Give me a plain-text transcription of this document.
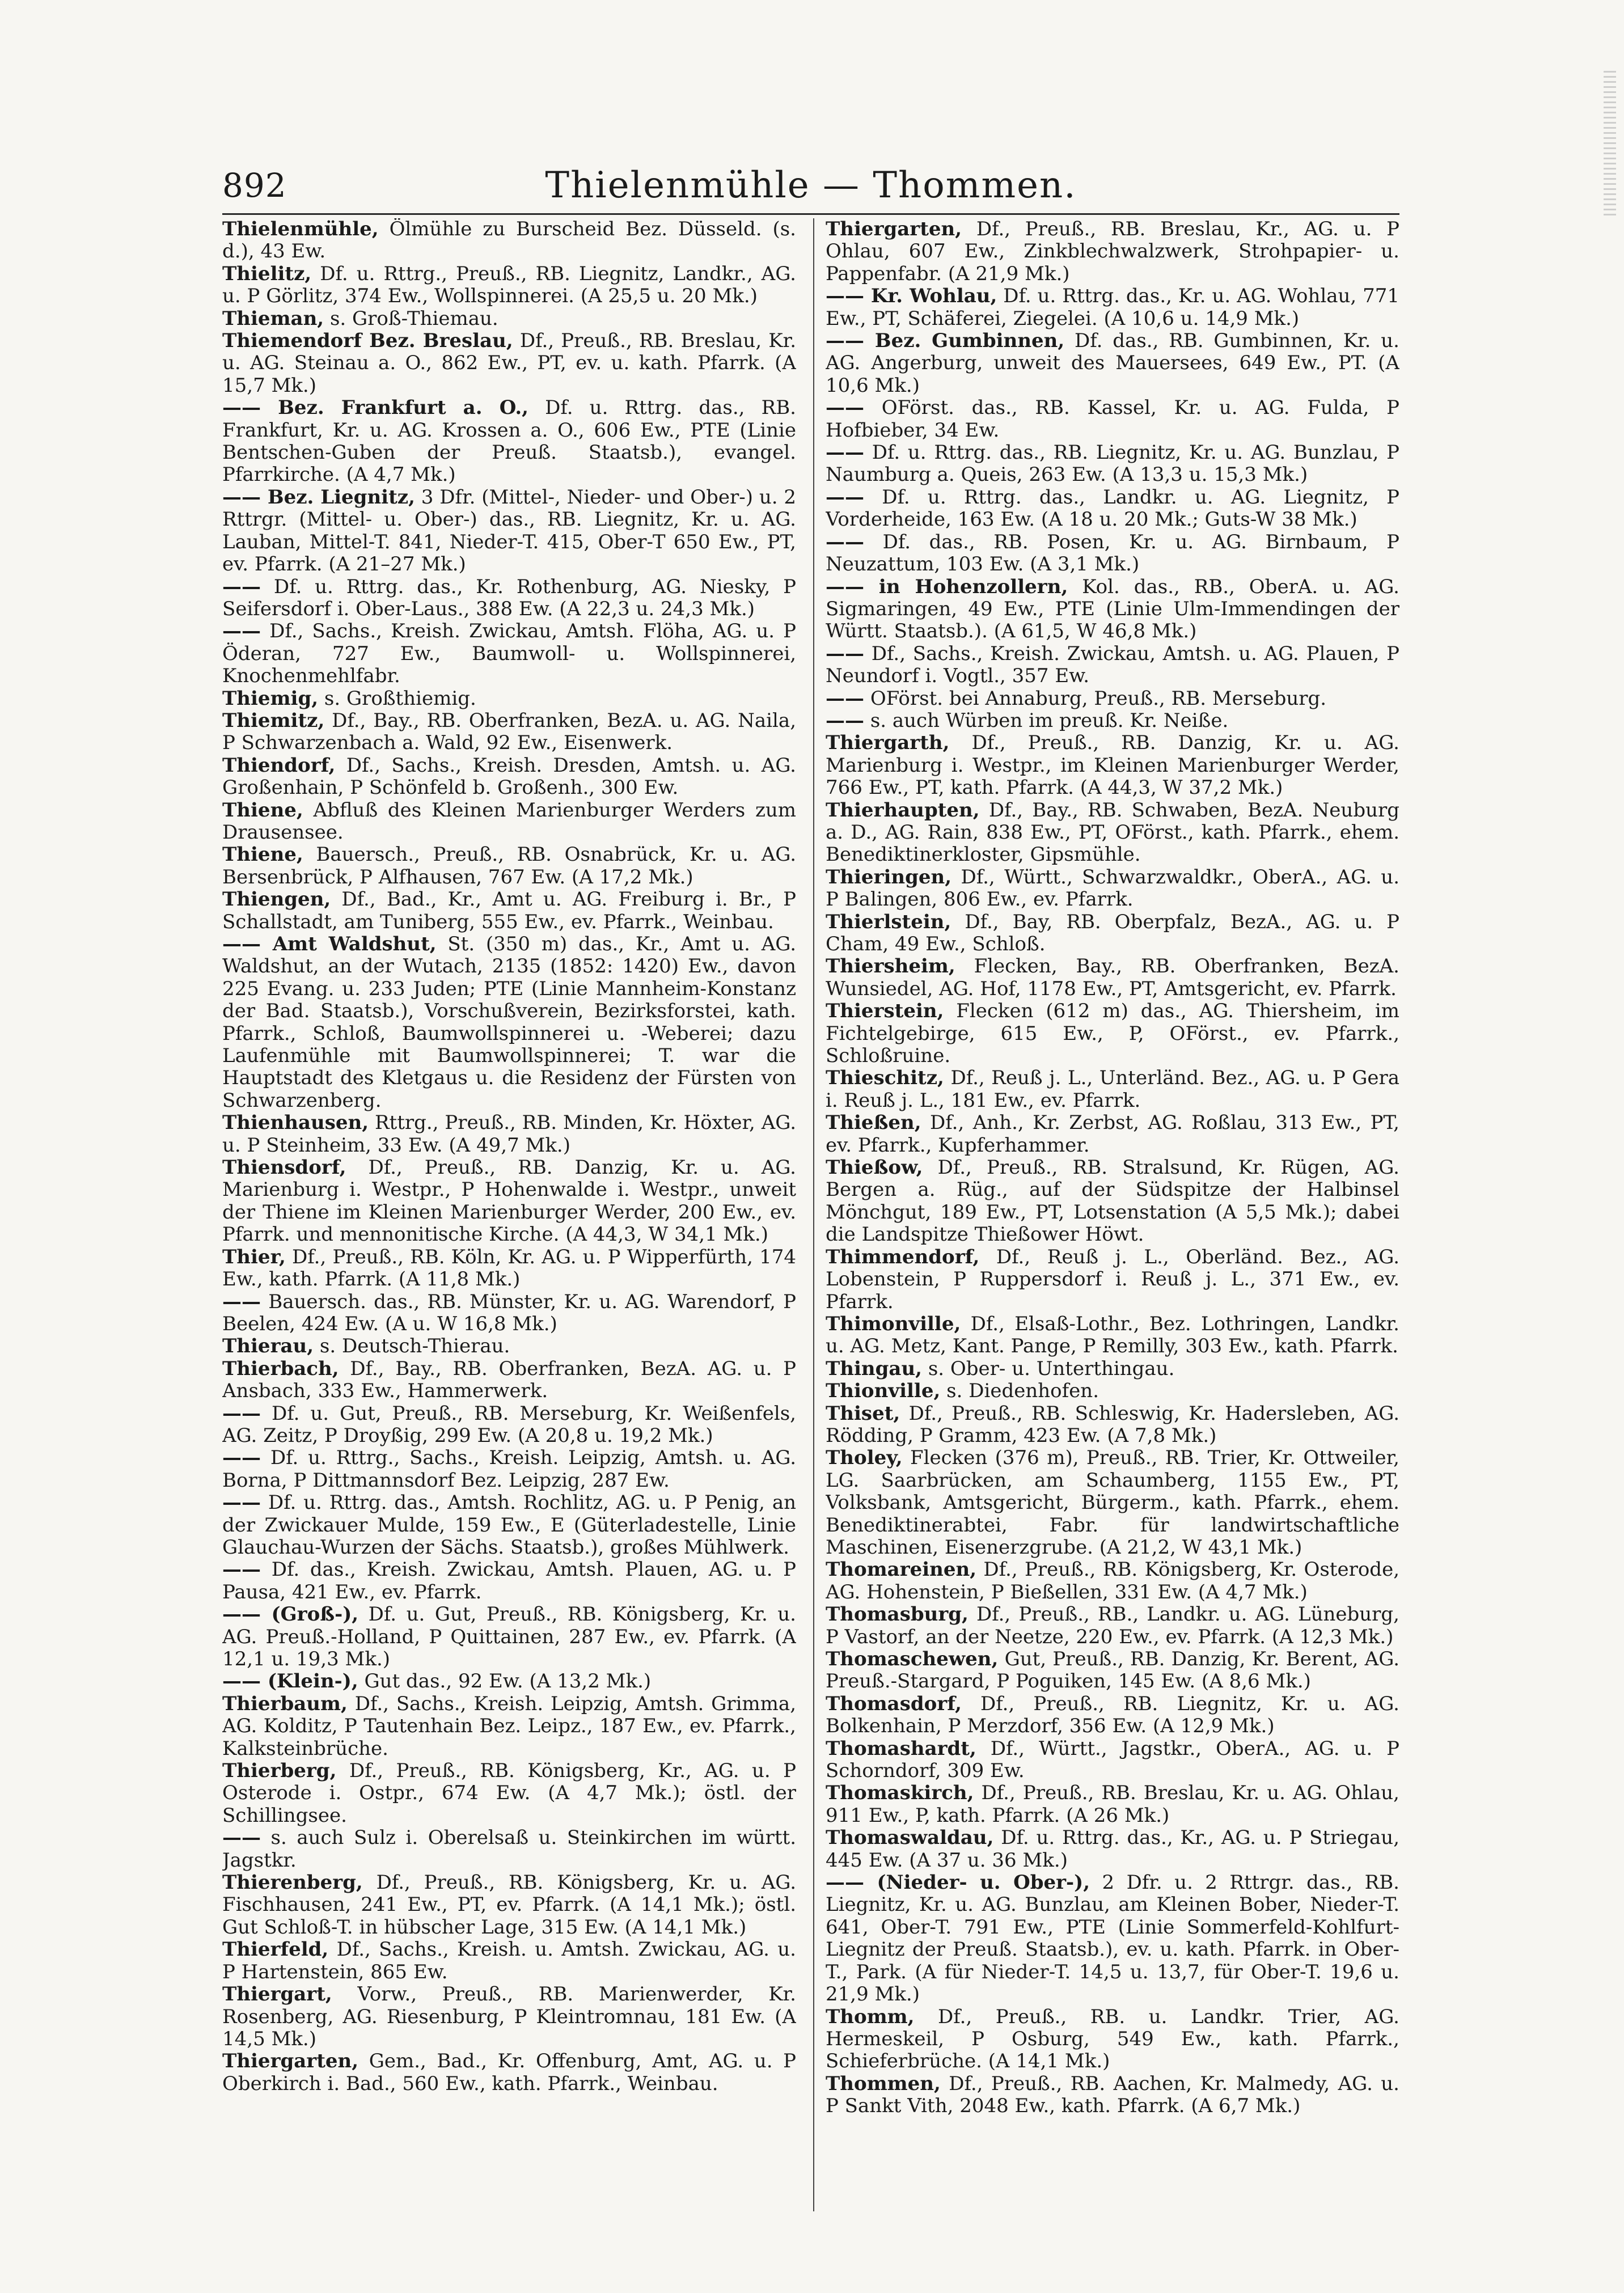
892	Thielenmühle — Thommen.

Thielenmühle, Ölmühle zu Burscheid Bez. Düsseld. (s. d.), 43 Ew.

Thielitz, Df. u. Rttrg., Preuß., RB. Liegnitz, Landkr., AG. u. P Görlitz, 374 Ew., Wollspinnerei. (A 25,5 u. 20 Mk.)

Thieman, s. Groß-Thiemau.

Thiemendorf Bez. Breslau, Df., Preuß., RB. Breslau, Kr. u. AG. Steinau a. O., 862 Ew., PT, ev. u. kath. Pfarrk. (A 15,7 Mk.)

—— Bez. Frankfurt a. O., Df. u. Rttrg. das., RB. Frankfurt, Kr. u. AG. Krossen a. O., 606 Ew., PTE (Linie Bentschen-Guben der Preuß. Staatsb.), evangel. Pfarrkirche. (A 4,7 Mk.)

—— Bez. Liegnitz, 3 Dfr. (Mittel-, Nieder- und Ober-) u. 2 Rttrgr. (Mittel- u. Ober-) das., RB. Liegnitz, Kr. u. AG. Lauban, Mittel-T. 841, Nieder-T. 415, Ober-T 650 Ew., PT, ev. Pfarrk. (A 21–27 Mk.)

—— Df. u. Rttrg. das., Kr. Rothenburg, AG. Niesky, P Seifersdorf i. Ober-Laus., 388 Ew. (A 22,3 u. 24,3 Mk.)

—— Df., Sachs., Kreish. Zwickau, Amtsh. Flöha, AG. u. P Öderan, 727 Ew., Baumwoll- u. Wollspinnerei, Knochenmehlfabr.

Thiemig, s. Großthiemig.

Thiemitz, Df., Bay., RB. Oberfranken, BezA. u. AG. Naila, P Schwarzenbach a. Wald, 92 Ew., Eisenwerk.

Thiendorf, Df., Sachs., Kreish. Dresden, Amtsh. u. AG. Großenhain, P Schönfeld b. Großenh., 300 Ew.

Thiene, Abfluß des Kleinen Marienburger Werders zum Drausensee.

Thiene, Bauersch., Preuß., RB. Osnabrück, Kr. u. AG. Bersenbrück, P Alfhausen, 767 Ew. (A 17,2 Mk.)

Thiengen, Df., Bad., Kr., Amt u. AG. Freiburg i. Br., P Schallstadt, am Tuniberg, 555 Ew., ev. Pfarrk., Weinbau.

—— Amt Waldshut, St. (350 m) das., Kr., Amt u. AG. Waldshut, an der Wutach, 2135 (1852: 1420) Ew., davon 225 Evang. u. 233 Juden; PTE (Linie Mannheim-Konstanz der Bad. Staatsb.), Vorschußverein, Bezirksforstei, kath. Pfarrk., Schloß, Baumwollspinnerei u. -Weberei; dazu Laufenmühle mit Baumwollspinnerei; T. war die Hauptstadt des Kletgaus u. die Residenz der Fürsten von Schwarzenberg.

Thienhausen, Rttrg., Preuß., RB. Minden, Kr. Höxter, AG. u. P Steinheim, 33 Ew. (A 49,7 Mk.)

Thiensdorf, Df., Preuß., RB. Danzig, Kr. u. AG. Marienburg i. Westpr., P Hohenwalde i. Westpr., unweit der Thiene im Kleinen Marienburger Werder, 200 Ew., ev. Pfarrk. und mennonitische Kirche. (A 44,3, W 34,1 Mk.)

Thier, Df., Preuß., RB. Köln, Kr. AG. u. P Wipperfürth, 174 Ew., kath. Pfarrk. (A 11,8 Mk.)

—— Bauersch. das., RB. Münster, Kr. u. AG. Warendorf, P Beelen, 424 Ew. (A u. W 16,8 Mk.)

Thierau, s. Deutsch-Thierau.

Thierbach, Df., Bay., RB. Oberfranken, BezA. AG. u. P Ansbach, 333 Ew., Hammerwerk.

—— Df. u. Gut, Preuß., RB. Merseburg, Kr. Weißenfels, AG. Zeitz, P Droyßig, 299 Ew. (A 20,8 u. 19,2 Mk.)

—— Df. u. Rttrg., Sachs., Kreish. Leipzig, Amtsh. u. AG. Borna, P Dittmannsdorf Bez. Leipzig, 287 Ew.

—— Df. u. Rttrg. das., Amtsh. Rochlitz, AG. u. P Penig, an der Zwickauer Mulde, 159 Ew., E (Güterladestelle, Linie Glauchau-Wurzen der Sächs. Staatsb.), großes Mühlwerk.

—— Df. das., Kreish. Zwickau, Amtsh. Plauen, AG. u. P Pausa, 421 Ew., ev. Pfarrk.

—— (Groß-), Df. u. Gut, Preuß., RB. Königsberg, Kr. u. AG. Preuß.-Holland, P Quittainen, 287 Ew., ev. Pfarrk. (A 12,1 u. 19,3 Mk.)

—— (Klein-), Gut das., 92 Ew. (A 13,2 Mk.)

Thierbaum, Df., Sachs., Kreish. Leipzig, Amtsh. Grimma, AG. Kolditz, P Tautenhain Bez. Leipz., 187 Ew., ev. Pfarrk., Kalksteinbrüche.

Thierberg, Df., Preuß., RB. Königsberg, Kr., AG. u. P Osterode i. Ostpr., 674 Ew. (A 4,7 Mk.); östl. der Schillingsee.

—— s. auch Sulz i. Oberelsaß u. Steinkirchen im württ. Jagstkr.

Thierenberg, Df., Preuß., RB. Königsberg, Kr. u. AG. Fischhausen, 241 Ew., PT, ev. Pfarrk. (A 14,1 Mk.); östl. Gut Schloß-T. in hübscher Lage, 315 Ew. (A 14,1 Mk.)

Thierfeld, Df., Sachs., Kreish. u. Amtsh. Zwickau, AG. u. P Hartenstein, 865 Ew.

Thiergart, Vorw., Preuß., RB. Marienwerder, Kr. Rosenberg, AG. Riesenburg, P Kleintromnau, 181 Ew. (A 14,5 Mk.)

Thiergarten, Gem., Bad., Kr. Offenburg, Amt, AG. u. P Oberkirch i. Bad., 560 Ew., kath. Pfarrk., Weinbau.

Thiergarten, Df., Preuß., RB. Breslau, Kr., AG. u. P Ohlau, 607 Ew., Zinkblechwalzwerk, Strohpapier- u. Pappenfabr. (A 21,9 Mk.)

—— Kr. Wohlau, Df. u. Rttrg. das., Kr. u. AG. Wohlau, 771 Ew., PT, Schäferei, Ziegelei. (A 10,6 u. 14,9 Mk.)

—— Bez. Gumbinnen, Df. das., RB. Gumbinnen, Kr. u. AG. Angerburg, unweit des Mauersees, 649 Ew., PT. (A 10,6 Mk.)

—— OFörst. das., RB. Kassel, Kr. u. AG. Fulda, P Hofbieber, 34 Ew.

—— Df. u. Rttrg. das., RB. Liegnitz, Kr. u. AG. Bunzlau, P Naumburg a. Queis, 263 Ew. (A 13,3 u. 15,3 Mk.)

—— Df. u. Rttrg. das., Landkr. u. AG. Liegnitz, P Vorderheide, 163 Ew. (A 18 u. 20 Mk.; Guts-W 38 Mk.)

—— Df. das., RB. Posen, Kr. u. AG. Birnbaum, P Neuzattum, 103 Ew. (A 3,1 Mk.)

—— in Hohenzollern, Kol. das., RB., OberA. u. AG. Sigmaringen, 49 Ew., PTE (Linie Ulm-Immendingen der Württ. Staatsb.). (A 61,5, W 46,8 Mk.)

—— Df., Sachs., Kreish. Zwickau, Amtsh. u. AG. Plauen, P Neundorf i. Vogtl., 357 Ew.

—— OFörst. bei Annaburg, Preuß., RB. Merseburg.

—— s. auch Würben im preuß. Kr. Neiße.

Thiergarth, Df., Preuß., RB. Danzig, Kr. u. AG. Marienburg i. Westpr., im Kleinen Marienburger Werder, 766 Ew., PT, kath. Pfarrk. (A 44,3, W 37,2 Mk.)

Thierhaupten, Df., Bay., RB. Schwaben, BezA. Neuburg a. D., AG. Rain, 838 Ew., PT, OFörst., kath. Pfarrk., ehem. Benediktinerkloster, Gipsmühle.

Thieringen, Df., Württ., Schwarzwaldkr., OberA., AG. u. P Balingen, 806 Ew., ev. Pfarrk.

Thierlstein, Df., Bay, RB. Oberpfalz, BezA., AG. u. P Cham, 49 Ew., Schloß.

Thiersheim, Flecken, Bay., RB. Oberfranken, BezA. Wunsiedel, AG. Hof, 1178 Ew., PT, Amtsgericht, ev. Pfarrk.

Thierstein, Flecken (612 m) das., AG. Thiersheim, im Fichtelgebirge, 615 Ew., P, OFörst., ev. Pfarrk., Schloßruine.

Thieschitz, Df., Reuß j. L., Unterländ. Bez., AG. u. P Gera i. Reuß j. L., 181 Ew., ev. Pfarrk.

Thießen, Df., Anh., Kr. Zerbst, AG. Roßlau, 313 Ew., PT, ev. Pfarrk., Kupferhammer.

Thießow, Df., Preuß., RB. Stralsund, Kr. Rügen, AG. Bergen a. Rüg., auf der Südspitze der Halbinsel Mönchgut, 189 Ew., PT, Lotsenstation (A 5,5 Mk.); dabei die Landspitze Thießower Höwt.

Thimmendorf, Df., Reuß j. L., Oberländ. Bez., AG. Lobenstein, P Ruppersdorf i. Reuß j. L., 371 Ew., ev. Pfarrk.

Thimonville, Df., Elsaß-Lothr., Bez. Lothringen, Landkr. u. AG. Metz, Kant. Pange, P Remilly, 303 Ew., kath. Pfarrk.

Thingau, s. Ober- u. Unterthingau.

Thionville, s. Diedenhofen.

Thiset, Df., Preuß., RB. Schleswig, Kr. Hadersleben, AG. Rödding, P Gramm, 423 Ew. (A 7,8 Mk.)

Tholey, Flecken (376 m), Preuß., RB. Trier, Kr. Ottweiler, LG. Saarbrücken, am Schaumberg, 1155 Ew., PT, Volksbank, Amtsgericht, Bürgerm., kath. Pfarrk., ehem. Benediktinerabtei, Fabr. für landwirtschaftliche Maschinen, Eisenerzgrube. (A 21,2, W 43,1 Mk.)

Thomareinen, Df., Preuß., RB. Königsberg, Kr. Osterode, AG. Hohenstein, P Bießellen, 331 Ew. (A 4,7 Mk.)

Thomasburg, Df., Preuß., RB., Landkr. u. AG. Lüneburg, P Vastorf, an der Neetze, 220 Ew., ev. Pfarrk. (A 12,3 Mk.)

Thomaschewen, Gut, Preuß., RB. Danzig, Kr. Berent, AG. Preuß.-Stargard, P Poguiken, 145 Ew. (A 8,6 Mk.)

Thomasdorf, Df., Preuß., RB. Liegnitz, Kr. u. AG. Bolkenhain, P Merzdorf, 356 Ew. (A 12,9 Mk.)

Thomashardt, Df., Württ., Jagstkr., OberA., AG. u. P Schorndorf, 309 Ew.

Thomaskirch, Df., Preuß., RB. Breslau, Kr. u. AG. Ohlau, 911 Ew., P, kath. Pfarrk. (A 26 Mk.)

Thomaswaldau, Df. u. Rttrg. das., Kr., AG. u. P Striegau, 445 Ew. (A 37 u. 36 Mk.)

—— (Nieder- u. Ober-), 2 Dfr. u. 2 Rttrgr. das., RB. Liegnitz, Kr. u. AG. Bunzlau, am Kleinen Bober, Nieder-T. 641, Ober-T. 791 Ew., PTE (Linie Sommerfeld-Kohlfurt-Liegnitz der Preuß. Staatsb.), ev. u. kath. Pfarrk. in Ober-T., Park. (A für Nieder-T. 14,5 u. 13,7, für Ober-T. 19,6 u. 21,9 Mk.)

Thomm, Df., Preuß., RB. u. Landkr. Trier, AG. Hermeskeil, P Osburg, 549 Ew., kath. Pfarrk., Schieferbrüche. (A 14,1 Mk.)

Thommen, Df., Preuß., RB. Aachen, Kr. Malmedy, AG. u. P Sankt Vith, 2048 Ew., kath. Pfarrk. (A 6,7 Mk.)
